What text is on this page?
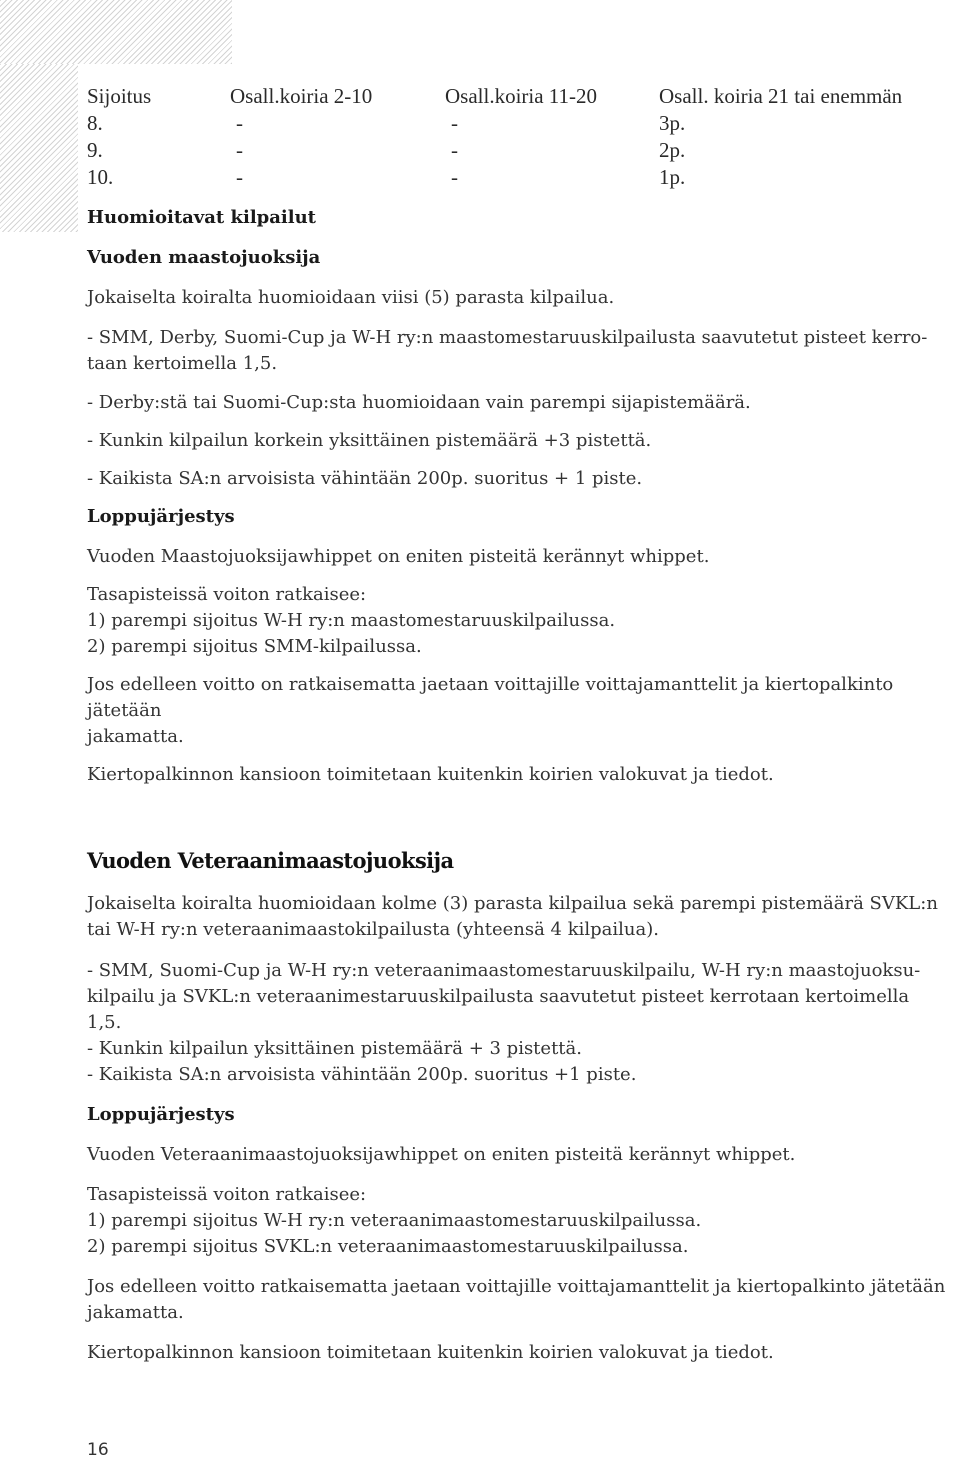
Sijoitus	Osall.koiria 2-10	Osall.koiria 11-20	Osall. koiria 21 tai enemmän
8.	-	-	3p.
9.	-	-	2p.
10.	-	-	1p.
Huomioitavat kilpailut
Vuoden maastojuoksija

Jokaiselta koiralta huomioidaan viisi (5) parasta kilpailua.

- SMM, Derby, Suomi-Cup ja W-H ry:n maastomestaruuskilpailusta saavutetut pisteet kerro-

taan kertoimella 1,5.

- Derby:stä tai Suomi-Cup:sta huomioidaan vain parempi sijapistemäärä.

- Kunkin kilpailun korkein yksittäinen pistemäärä +3 pistettä.

- Kaikista SA:n arvoisista vähintään 200p. suoritus + 1 piste.

Loppujärjestys

Vuoden Maastojuoksijawhippet on eniten pisteitä kerännyt whippet.

Tasapisteissä voiton ratkaisee:

1) parempi sijoitus W-H ry:n maastomestaruuskilpailussa.

2) parempi sijoitus SMM-kilpailussa.

Jos edelleen voitto on ratkaisematta jaetaan voittajille voittajamanttelit ja kiertopalkinto jätetään

jakamatta.

Kiertopalkinnon kansioon toimitetaan kuitenkin koirien valokuvat ja tiedot.

Vuoden Veteraanimaastojuoksija

Jokaiselta koiralta huomioidaan kolme (3) parasta kilpailua sekä parempi pistemäärä SVKL:n

tai W-H ry:n veteraanimaastokilpailusta (yhteensä 4 kilpailua).

- SMM, Suomi-Cup ja W-H ry:n veteraanimaastomestaruuskilpailu, W-H ry:n maastojuoksu-

kilpailu ja SVKL:n veteraanimestaruuskilpailusta saavutetut pisteet kerrotaan kertoimella 1,5.

- Kunkin kilpailun yksittäinen pistemäärä + 3 pistettä.

- Kaikista SA:n arvoisista vähintään 200p. suoritus +1 piste.

Loppujärjestys

Vuoden Veteraanimaastojuoksijawhippet on eniten pisteitä kerännyt whippet.

Tasapisteissä voiton ratkaisee:

1) parempi sijoitus W-H ry:n veteraanimaastomestaruuskilpailussa.

2) parempi sijoitus SVKL:n veteraanimaastomestaruuskilpailussa.

Jos edelleen voitto ratkaisematta jaetaan voittajille voittajamanttelit ja kiertopalkinto jätetään

jakamatta.

Kiertopalkinnon kansioon toimitetaan kuitenkin koirien valokuvat ja tiedot.

16
